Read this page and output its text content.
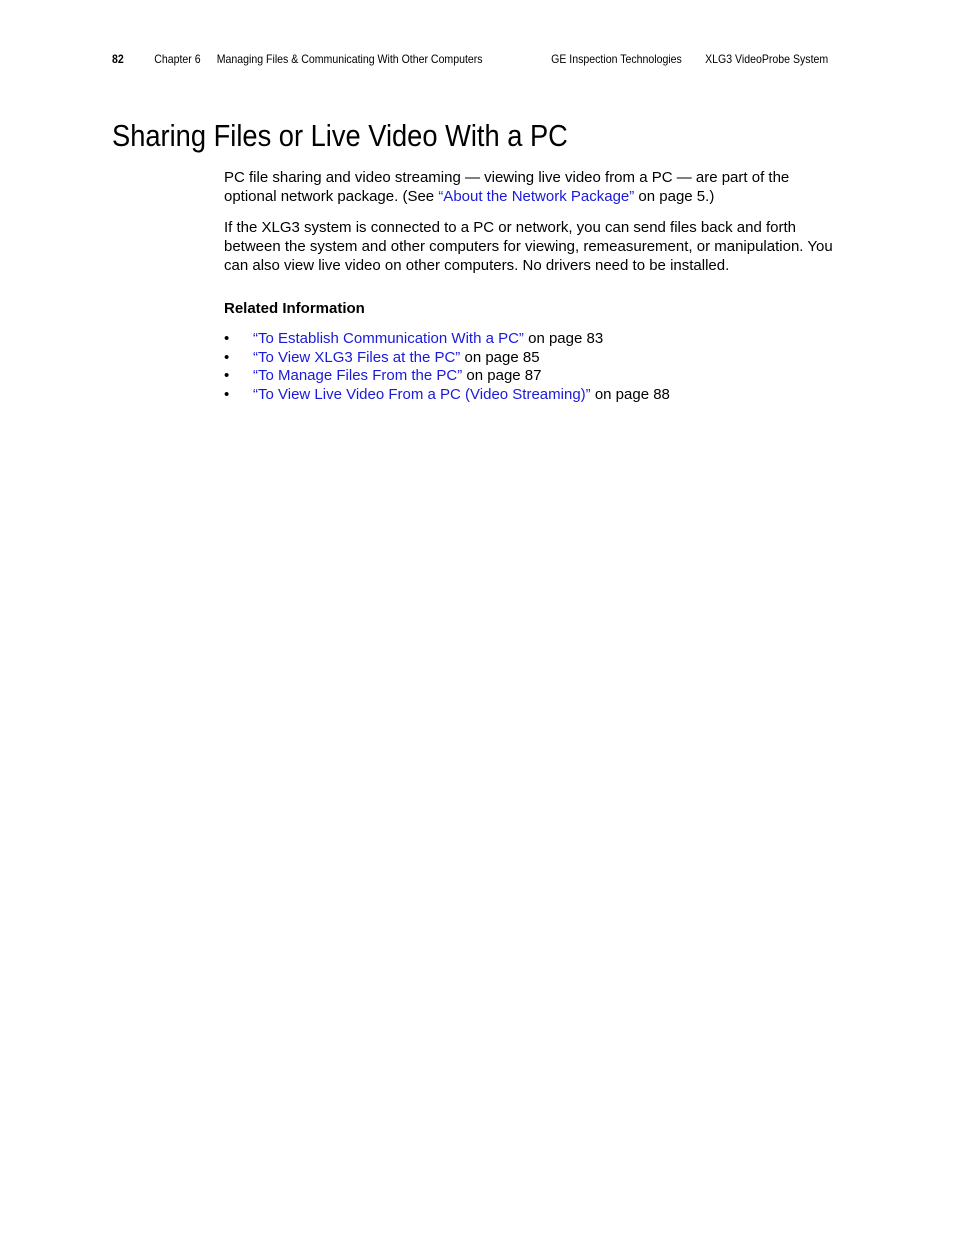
82	Chapter 6 Managing Files & Communicating With Other Computers	GE Inspection Technologies XLG3 VideoProbe System
Sharing Files or Live Video With a PC

PC file sharing and video streaming — viewing live video from a PC — are part of the optional network package. (See “About the Network Package” on page 5.)

If the XLG3 system is connected to a PC or network, you can send files back and forth between the system and other computers for viewing, remeasurement, or manipulation. You can also view live video on other computers. No drivers need to be installed.

Related Information
• “To Establish Communication With a PC” on page 83
• “To View XLG3 Files at the PC” on page 85
• “To Manage Files From the PC” on page 87
• “To View Live Video From a PC (Video Streaming)” on page 88
